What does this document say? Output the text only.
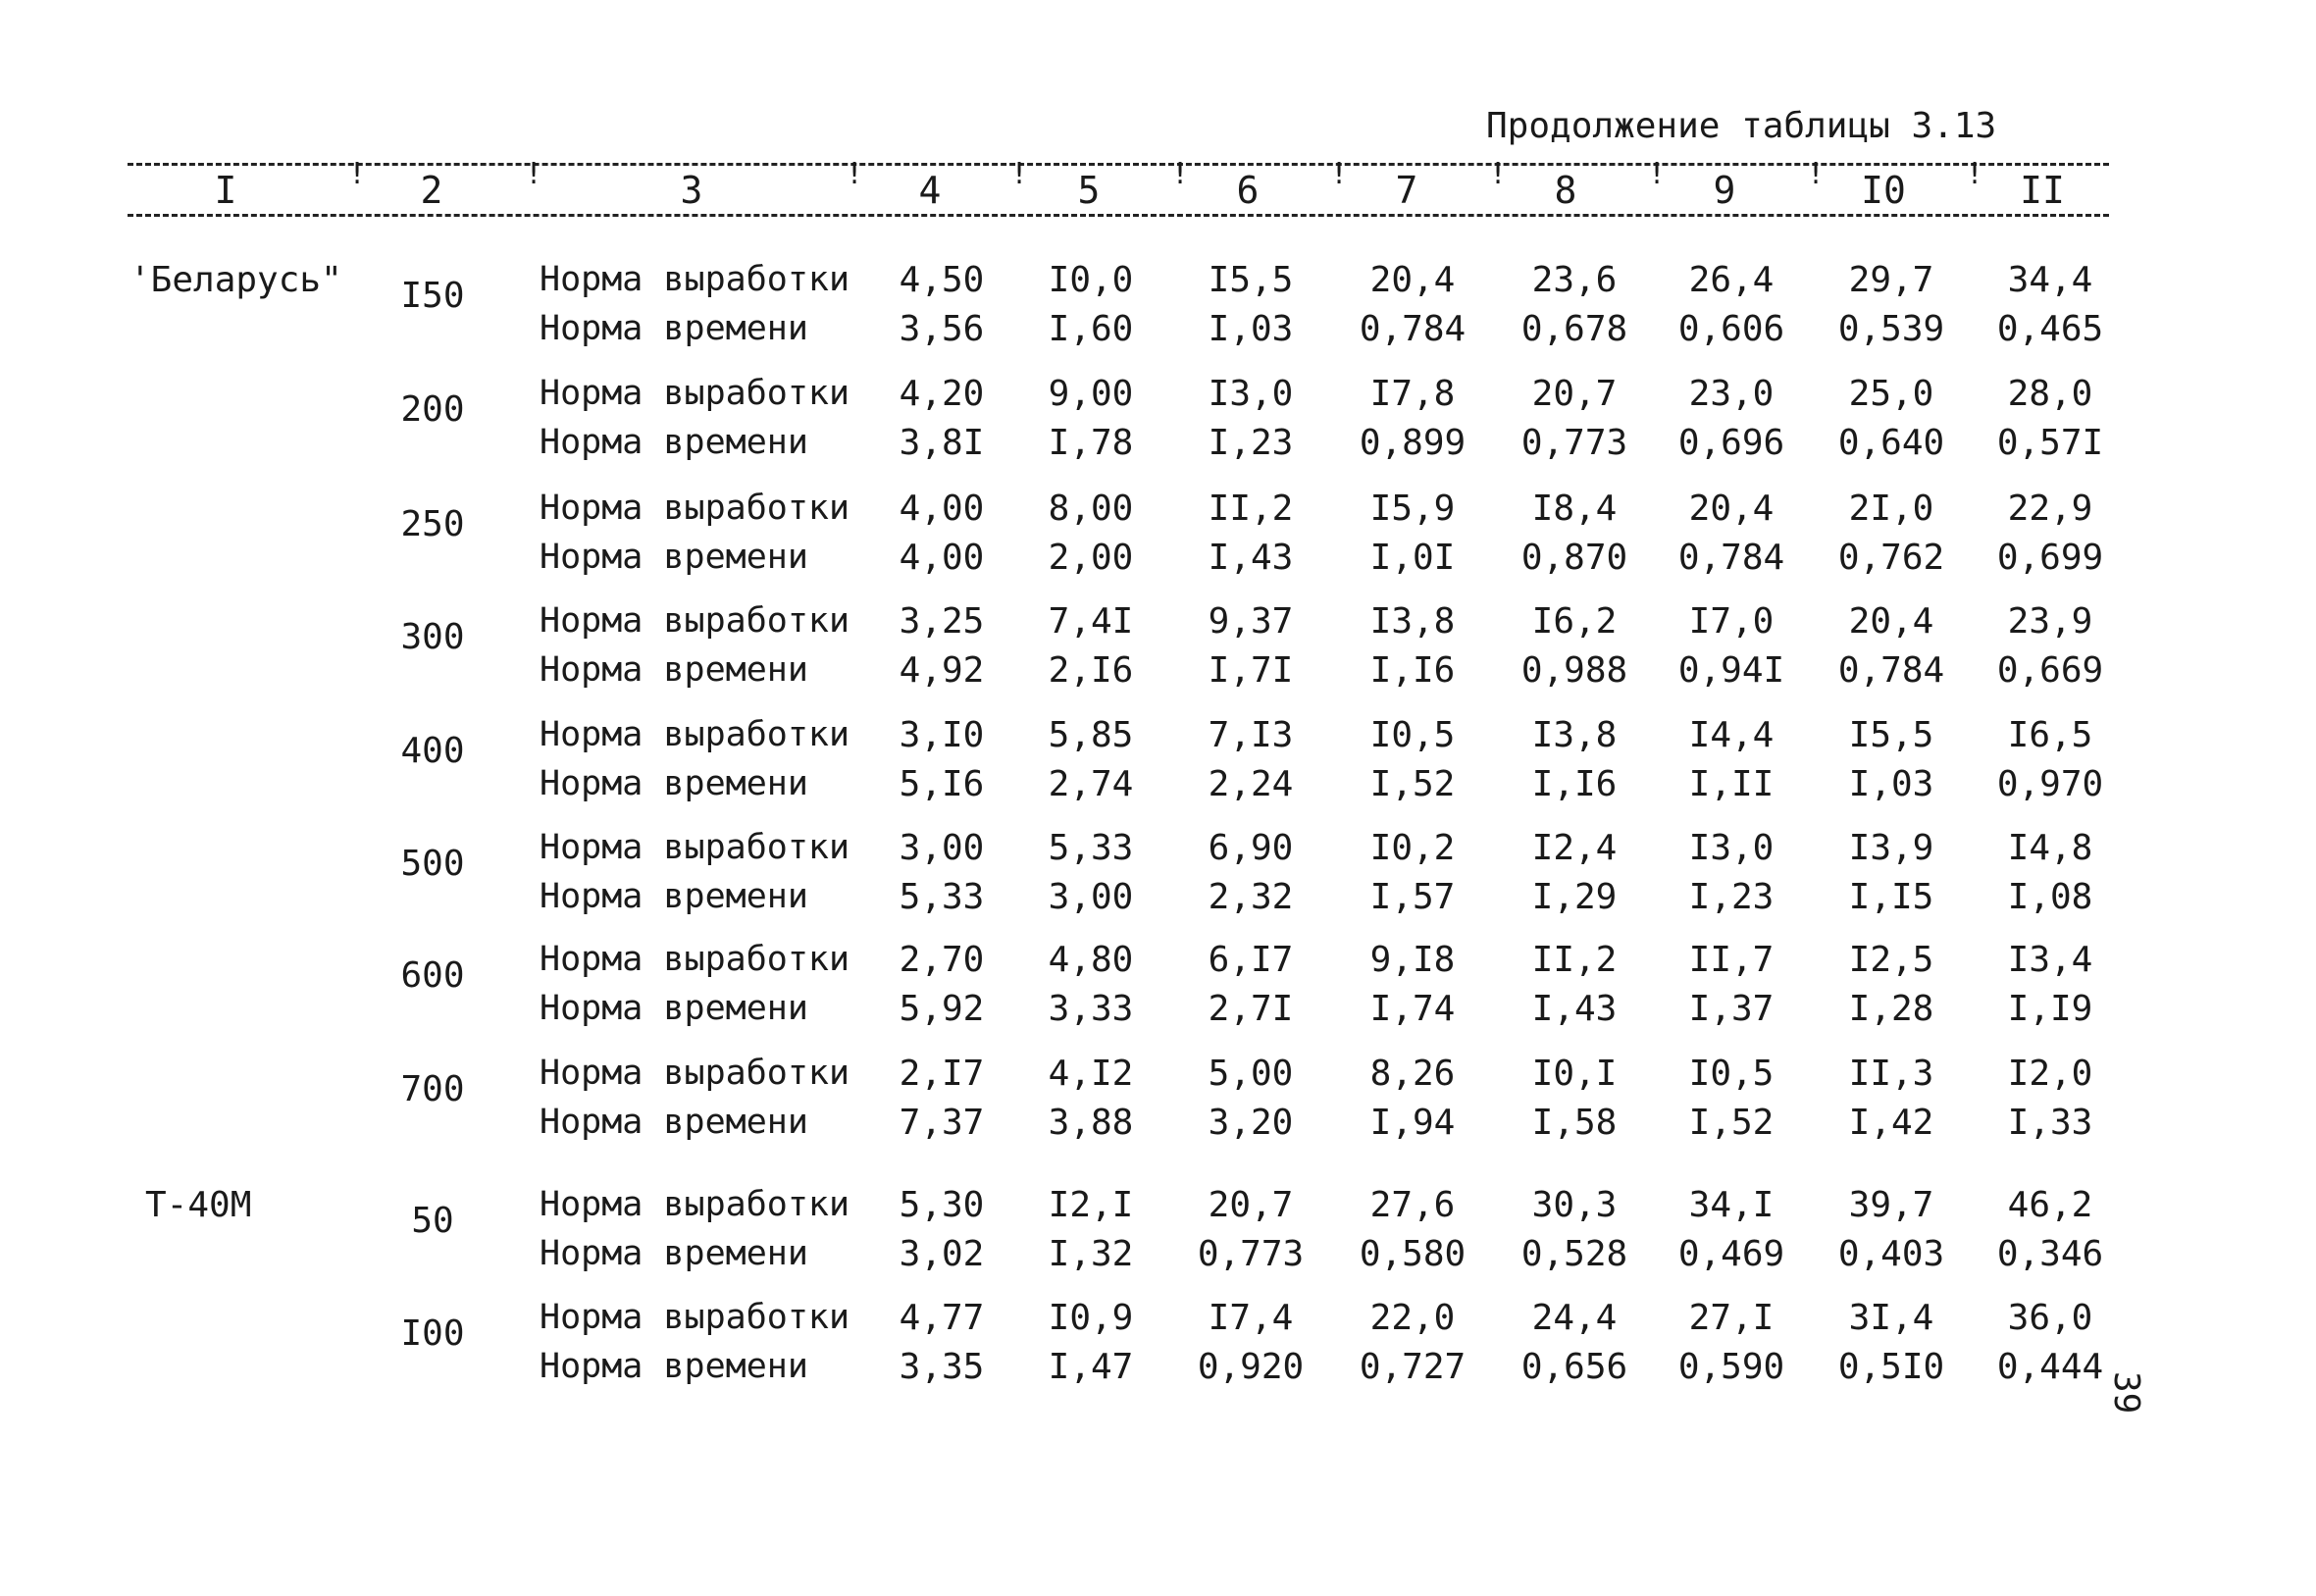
Продолжение таблицы 3.13
I	2	3	4	5	6	7	8	9	I0	II
!	!	!	!	!	!	!	!	!	!
'Беларусь" I50 Норма выработки	4,50	I0,0	I5,5	20,4	23,6	26,4	29,7	34,4
Норма времени	3,56	I,60	I,03	0,784 0,678 0,606 0,539 0,465
200 Норма выработки	4,20	9,00	I3,0	I7,8	20,7	23,0	25,0	28,0
Норма времени	3,8I	I,78	I,23	0,899 0,773 0,696 0,640 0,57I
250 Норма выработки	4,00	8,00	II,2	I5,9	I8,4	20,4	2I,0	22,9
Норма времени	4,00	2,00	I,43	I,0I	0,870 0,784 0,762 0,699
300 Норма выработки	3,25	7,4I	9,37	I3,8	I6,2	I7,0	20,4	23,9
Норма времени	4,92	2,I6	I,7I	I,I6	0,988 0,94I 0,784 0,669
400 Норма выработки	3,I0	5,85	7,I3	I0,5	I3,8	I4,4	I5,5	I6,5
Норма времени	5,I6	2,74	2,24	I,52	I,I6	I,II	I,03	0,970
500 Норма выработки	3,00	5,33	6,90	I0,2	I2,4	I3,0	I3,9	I4,8
Норма времени	5,33	3,00	2,32	I,57	I,29	I,23	I,I5	I,08
600 Норма выработки	2,70	4,80	6,I7	9,I8	II,2	II,7	I2,5	I3,4
Норма времени	5,92	3,33	2,7I	I,74	I,43	I,37	I,28	I,I9
700 Норма выработки	2,I7	4,I2	5,00	8,26	I0,I	I0,5	II,3	I2,0
Норма времени	7,37	3,88	3,20	I,94	I,58	I,52	I,42	I,33
Т-40М	50	Норма выработки	5,30	I2,I	20,7	27,6	30,3	34,I	39,7	46,2
Норма времени	3,02	I,32	0,773 0,580 0,528 0,469 0,403 0,346
I00 Норма выработки	4,77	I0,9	I7,4	22,0	24,4	27,I	3I,4	36,0
Норма времени	3,35	I,47	0,920 0,727 0,656 0,590 0,5I0 0,444
39
